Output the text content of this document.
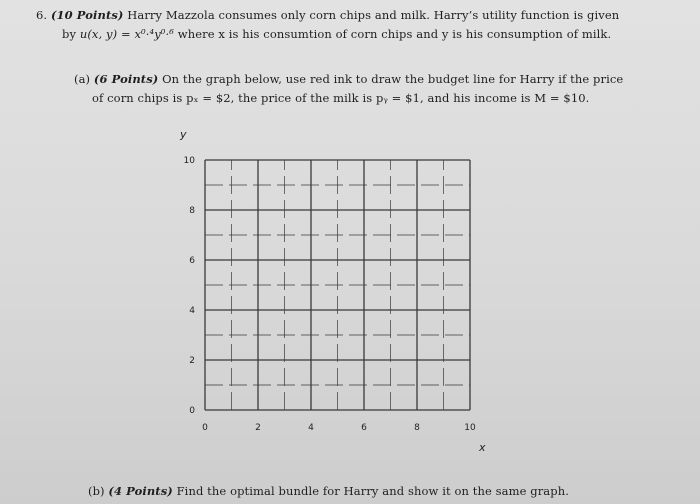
6. (10 Points) Harry Mazzola consumes only corn chips and milk. Harry’s utility function is given
by u(x, y) = x⁰·⁴y⁰·⁶ where x is his consumtion of corn chips and y is his consumption of milk.
(a) (6 Points) On the graph below, use red ink to draw the budget line for Harry if the price
of corn chips is pₓ = $2, the price of the milk is pᵧ = $1, and his income is M = $10.
y
x
0	2	4	6	8	10
0
2
4
6
8
10
(b) (4 Points) Find the optimal bundle for Harry and show it on the same graph.
